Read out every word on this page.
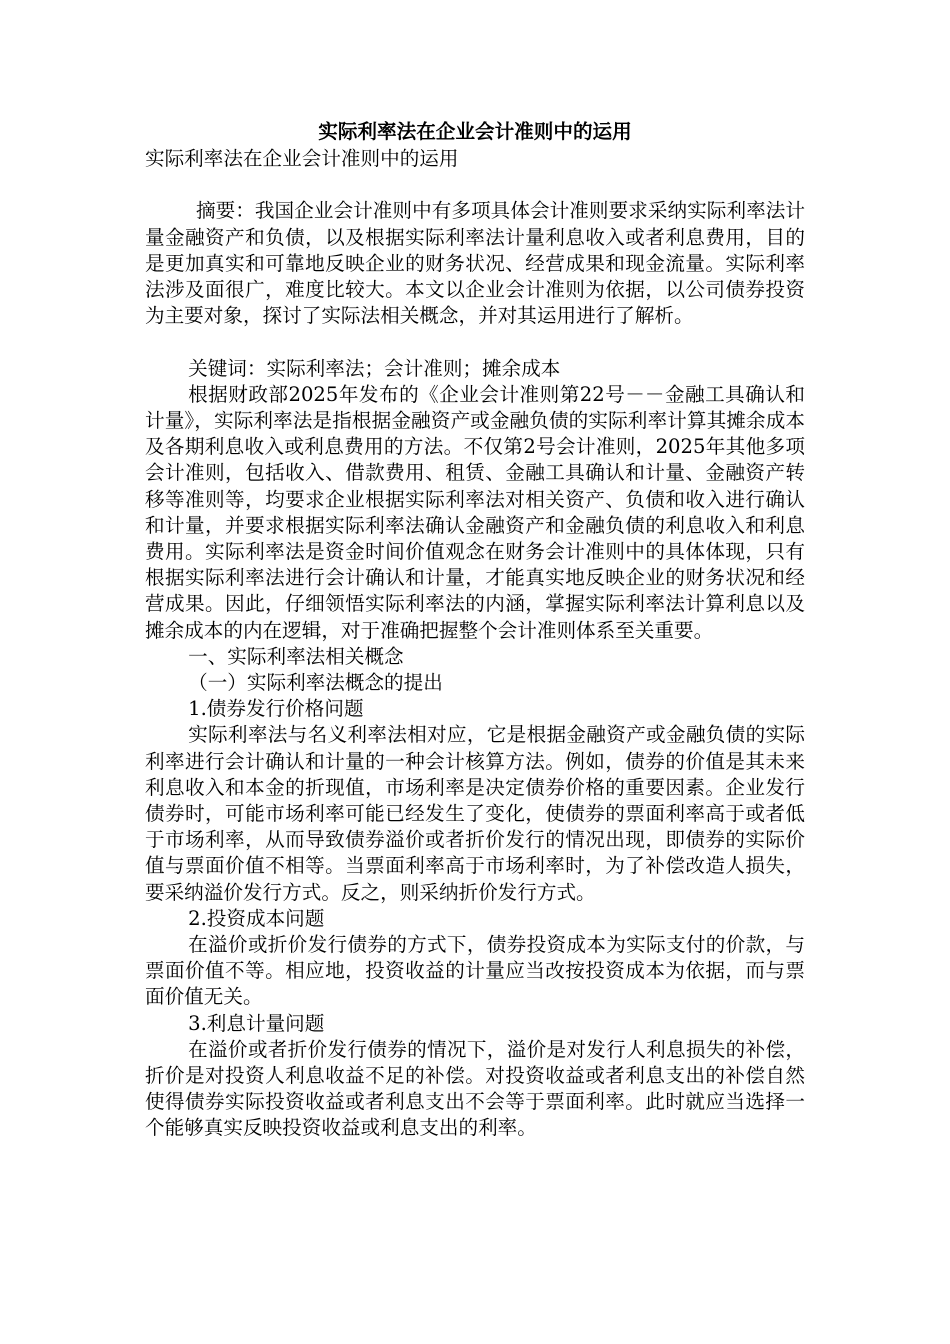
实际利率法在企业会计准则中的运用

实际利率法在企业会计准则中的运用

摘要：我国企业会计准则中有多项具体会计准则要求采纳实际利率法计量金融资产和负债，以及根据实际利率法计量利息收入或者利息费用，目的是更加真实和可靠地反映企业的财务状况、经营成果和现金流量。实际利率法涉及面很广，难度比较大。本文以企业会计准则为依据，以公司债券投资为主要对象，探讨了实际法相关概念，并对其运用进行了解析。

关键词：实际利率法；会计准则；摊余成本

根据财政部2025年发布的《企业会计准则第22号－－金融工具确认和计量》，实际利率法是指根据金融资产或金融负债的实际利率计算其摊余成本及各期利息收入或利息费用的方法。不仅第2号会计准则，2025年其他多项会计准则，包括收入、借款费用、租赁、金融工具确认和计量、金融资产转移等准则等，均要求企业根据实际利率法对相关资产、负债和收入进行确认和计量，并要求根据实际利率法确认金融资产和金融负债的利息收入和利息费用。实际利率法是资金时间价值观念在财务会计准则中的具体体现，只有根据实际利率法进行会计确认和计量，才能真实地反映企业的财务状况和经营成果。因此，仔细领悟实际利率法的内涵，掌握实际利率法计算利息以及摊余成本的内在逻辑，对于准确把握整个会计准则体系至关重要。

一、实际利率法相关概念

（一）实际利率法概念的提出

1.债券发行价格问题

实际利率法与名义利率法相对应，它是根据金融资产或金融负债的实际利率进行会计确认和计量的一种会计核算方法。例如，债券的价值是其未来利息收入和本金的折现值，市场利率是决定债券价格的重要因素。企业发行债券时，可能市场利率可能已经发生了变化，使债券的票面利率高于或者低于市场利率，从而导致债券溢价或者折价发行的情况出现，即债券的实际价值与票面价值不相等。当票面利率高于市场利率时，为了补偿改造人损失，要采纳溢价发行方式。反之，则采纳折价发行方式。

2.投资成本问题

在溢价或折价发行债券的方式下，债券投资成本为实际支付的价款，与票面价值不等。相应地，投资收益的计量应当改按投资成本为依据，而与票面价值无关。

3.利息计量问题

在溢价或者折价发行债券的情况下，溢价是对发行人利息损失的补偿，折价是对投资人利息收益不足的补偿。对投资收益或者利息支出的补偿自然使得债券实际投资收益或者利息支出不会等于票面利率。此时就应当选择一个能够真实反映投资收益或利息支出的利率。
